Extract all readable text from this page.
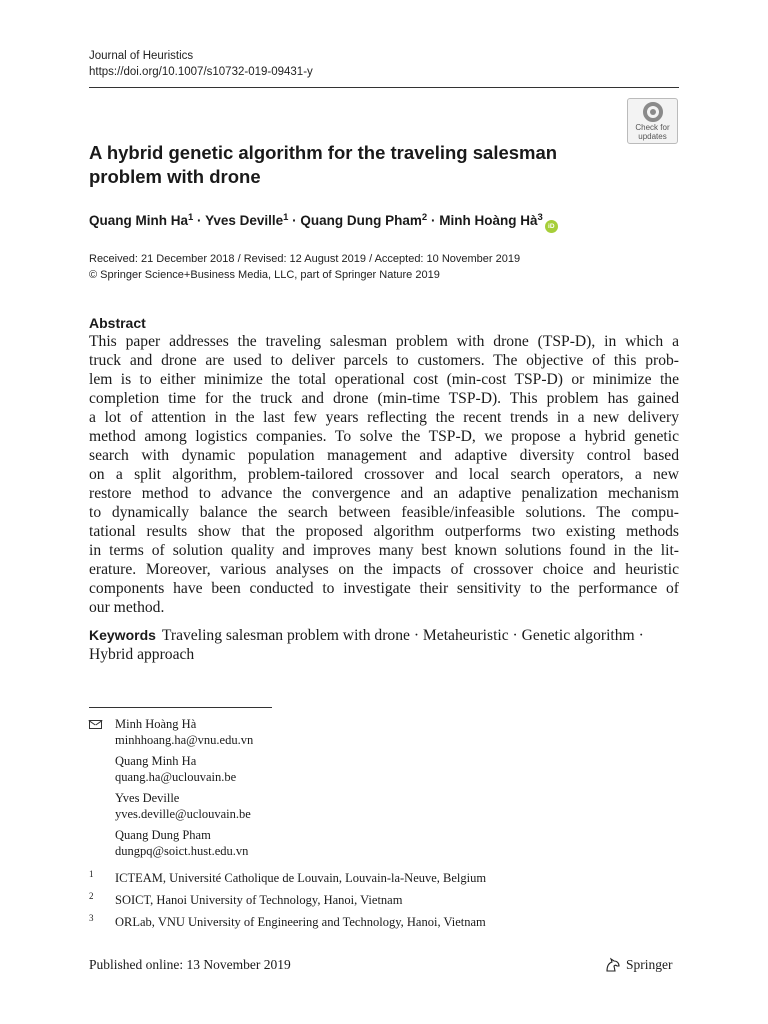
Journal of Heuristics
https://doi.org/10.1007/s10732-019-09431-y
Check for
updates
A hybrid genetic algorithm for the traveling salesman problem with drone
Quang Minh $Ha^1$ · Yves Deville$^1$ · Quang Dung Pham$^2$ · Minh Hoàng $Hà^3iD$
Received: 21 December 2018 / Revised: 12 August 2019 / Accepted: 10 November 2019
© Springer Science+Business Media, LLC, part of Springer Nature 2019
Abstract
This paper addresses the traveling salesman problem with drone (TSP-D), in which a
truck and drone are used to deliver parcels to customers. The objective of this prob-
lem is to either minimize the total operational cost (min-cost TSP-D) or minimize the
completion time for the truck and drone (min-time TSP-D). This problem has gained
a lot of attention in the last few years reflecting the recent trends in a new delivery
method among logistics companies. To solve the TSP-D, we propose a hybrid genetic
search with dynamic population management and adaptive diversity control based
on a split algorithm, problem-tailored crossover and local search operators, a new
restore method to advance the convergence and an adaptive penalization mechanism
to dynamically balance the search between feasible/infeasible solutions. The compu-
tational results show that the proposed algorithm outperforms two existing methods
in terms of solution quality and improves many best known solutions found in the lit-
erature. Moreover, various analyses on the impacts of crossover choice and heuristic
components have been conducted to investigate their sensitivity to the performance of
our method.
Keywords Traveling salesman problem with drone · Metaheuristic · Genetic algorithm · Hybrid approach
Minh Hoàng Hà
minhhoang.ha@vnu.edu.vn
Quang Minh Ha
quang.ha@uclouvain.be
Yves Deville
yves.deville@uclouvain.be
Quang Dung Pham
dungpq@soict.hust.edu.vn
1 ICTEAM, Université Catholique de Louvain, Louvain-la-Neuve, Belgium
2 SOICT, Hanoi University of Technology, Hanoi, Vietnam
3 ORLab, VNU University of Engineering and Technology, Hanoi, Vietnam
Published online: 13 November 2019	Springer
